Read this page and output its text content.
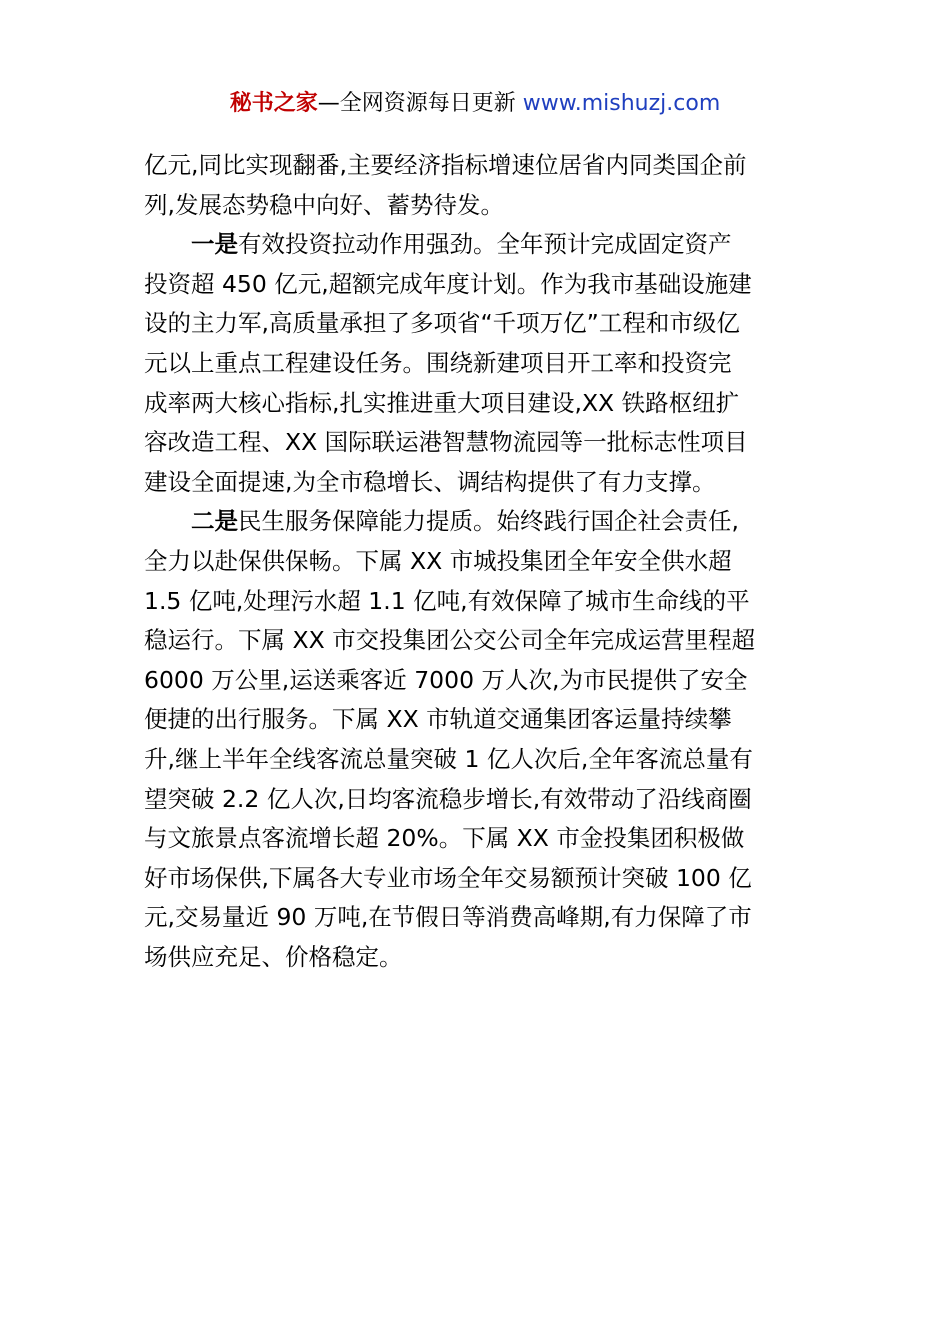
秘书之家—全网资源每日更新 www.mishuzj.com
亿元,同比实现翻番,主要经济指标增速位居省内同类国企前
列,发展态势稳中向好、蓄势待发。
一是有效投资拉动作用强劲。全年预计完成固定资产
投资超 450 亿元,超额完成年度计划。作为我市基础设施建
设的主力军,高质量承担了多项省“千项万亿”工程和市级亿
元以上重点工程建设任务。围绕新建项目开工率和投资完
成率两大核心指标,扎实推进重大项目建设,XX 铁路枢纽扩
容改造工程、XX 国际联运港智慧物流园等一批标志性项目
建设全面提速,为全市稳增长、调结构提供了有力支撑。
二是民生服务保障能力提质。始终践行国企社会责任,
全力以赴保供保畅。下属 XX 市城投集团全年安全供水超
1.5 亿吨,处理污水超 1.1 亿吨,有效保障了城市生命线的平
稳运行。下属 XX 市交投集团公交公司全年完成运营里程超
6000 万公里,运送乘客近 7000 万人次,为市民提供了安全
便捷的出行服务。下属 XX 市轨道交通集团客运量持续攀
升,继上半年全线客流总量突破 1 亿人次后,全年客流总量有
望突破 2.2 亿人次,日均客流稳步增长,有效带动了沿线商圈
与文旅景点客流增长超 20%。下属 XX 市金投集团积极做
好市场保供,下属各大专业市场全年交易额预计突破 100 亿
元,交易量近 90 万吨,在节假日等消费高峰期,有力保障了市
场供应充足、价格稳定。
